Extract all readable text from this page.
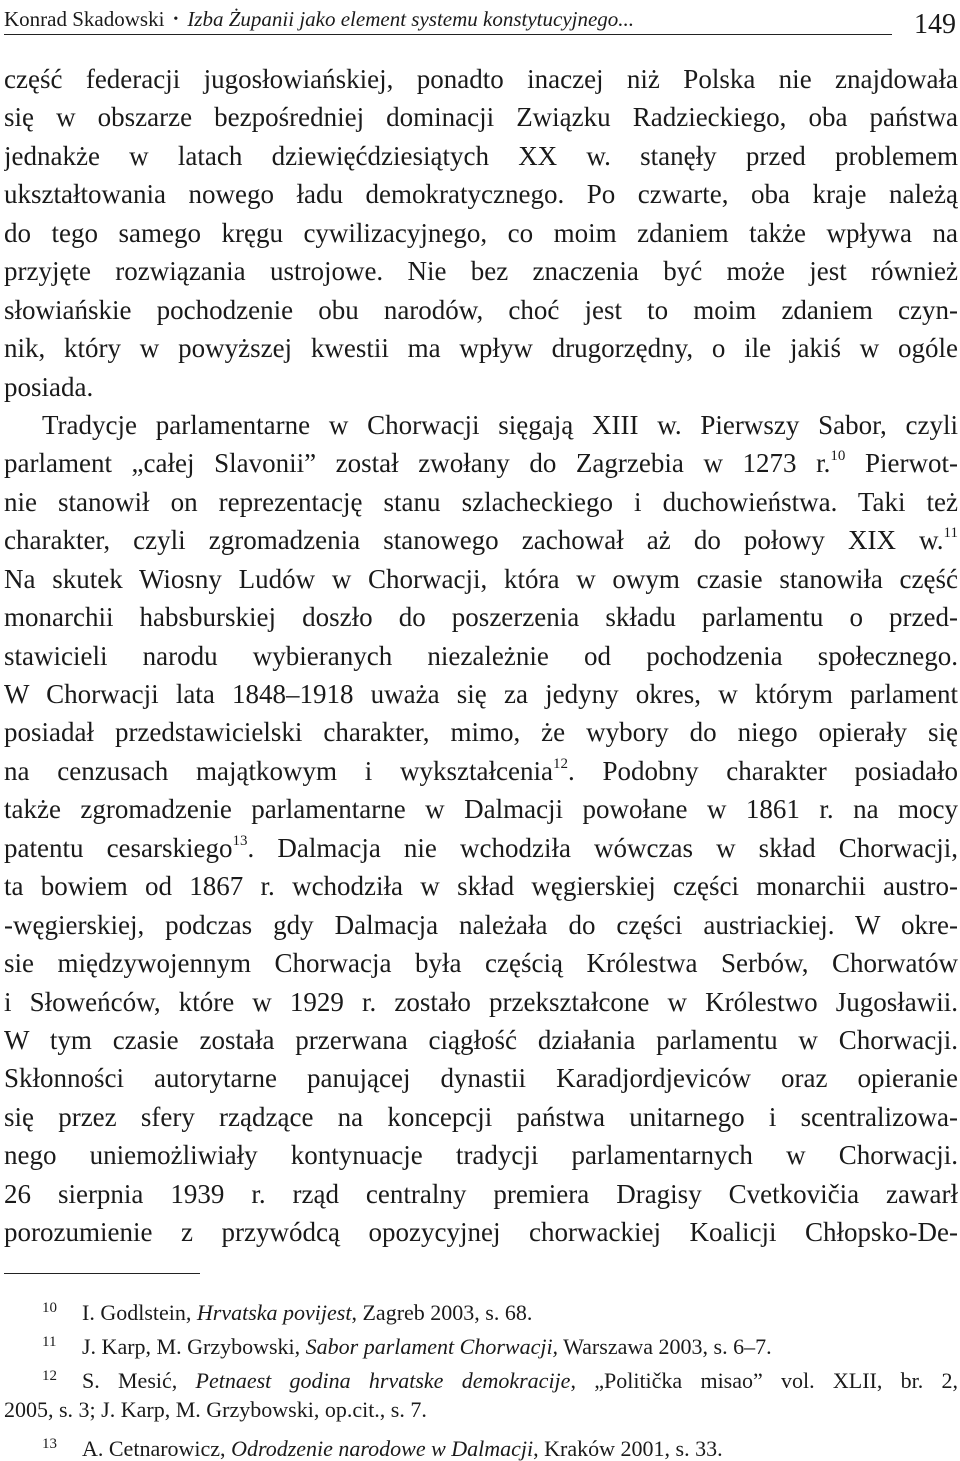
Konrad Skadowski • Izba Żupanii jako element systemu konstytucyjnego...	149
część federacji jugosłowiańskiej, ponadto inaczej niż Polska nie znajdowała
się w obszarze bezpośredniej dominacji Związku Radzieckiego, oba państwa
jednakże w latach dziewięćdziesiątych XX w. stanęły przed problemem
ukształtowania nowego ładu demokratycznego. Po czwarte, oba kraje należą
do tego samego kręgu cywilizacyjnego, co moim zdaniem także wpływa na
przyjęte rozwiązania ustrojowe. Nie bez znaczenia być może jest również
słowiańskie pochodzenie obu narodów, choć jest to moim zdaniem czyn-
nik, który w powyższej kwestii ma wpływ drugorzędny, o ile jakiś w ogóle
posiada.
Tradycje parlamentarne w Chorwacji sięgają XIII w. Pierwszy Sabor, czyli
parlament „całej Slavonii” został zwołany do Zagrzebia w 1273 r.$^{10}$ Pierwot-
nie stanowił on reprezentację stanu szlacheckiego i duchowieństwa. Taki też
charakter, czyli zgromadzenia stanowego zachował aż do połowy XIX w.$^{11}$
Na skutek Wiosny Ludów w Chorwacji, która w owym czasie stanowiła część
monarchii habsburskiej doszło do poszerzenia składu parlamentu o przed-
stawicieli narodu wybieranych niezależnie od pochodzenia społecznego.
W Chorwacji lata 1848–1918 uważa się za jedyny okres, w którym parlament
posiadał przedstawicielski charakter, mimo, że wybory do niego opierały się
na cenzusach majątkowym i wykształcenia$^{12}$. Podobny charakter posiadało
także zgromadzenie parlamentarne w Dalmacji powołane w 1861 r. na mocy
patentu cesarskiego$^{13}$. Dalmacja nie wchodziła wówczas w skład Chorwacji,
ta bowiem od 1867 r. wchodziła w skład węgierskiej części monarchii austro-
-węgierskiej, podczas gdy Dalmacja należała do części austriackiej. W okre-
sie międzywojennym Chorwacja była częścią Królestwa Serbów, Chorwatów
i Słoweńców, które w 1929 r. zostało przekształcone w Królestwo Jugosławii.
W tym czasie została przerwana ciągłość działania parlamentu w Chorwacji.
Skłonności autorytarne panującej dynastii Karadjordjeviców oraz opieranie
się przez sfery rządzące na koncepcji państwa unitarnego i scentralizowa-
nego uniemożliwiały kontynuacje tradycji parlamentarnych w Chorwacji.
26 sierpnia 1939 r. rząd centralny premiera Dragisy Cvetkovičia zawarł
porozumienie z przywódcą opozycyjnej chorwackiej Koalicji Chłopsko-De-
10 I. Godlstein, Hrvatska povijest, Zagreb 2003, s. 68.
11 J. Karp, M. Grzybowski, Sabor parlament Chorwacji, Warszawa 2003, s. 6–7.
12 S. Mesić, Petnaest godina hrvatske demokracije, „Politička misao” vol. XLII, br. 2,
2005, s. 3; J. Karp, M. Grzybowski, op.cit., s. 7.
13 A. Cetnarowicz, Odrodzenie narodowe w Dalmacji, Kraków 2001, s. 33.
